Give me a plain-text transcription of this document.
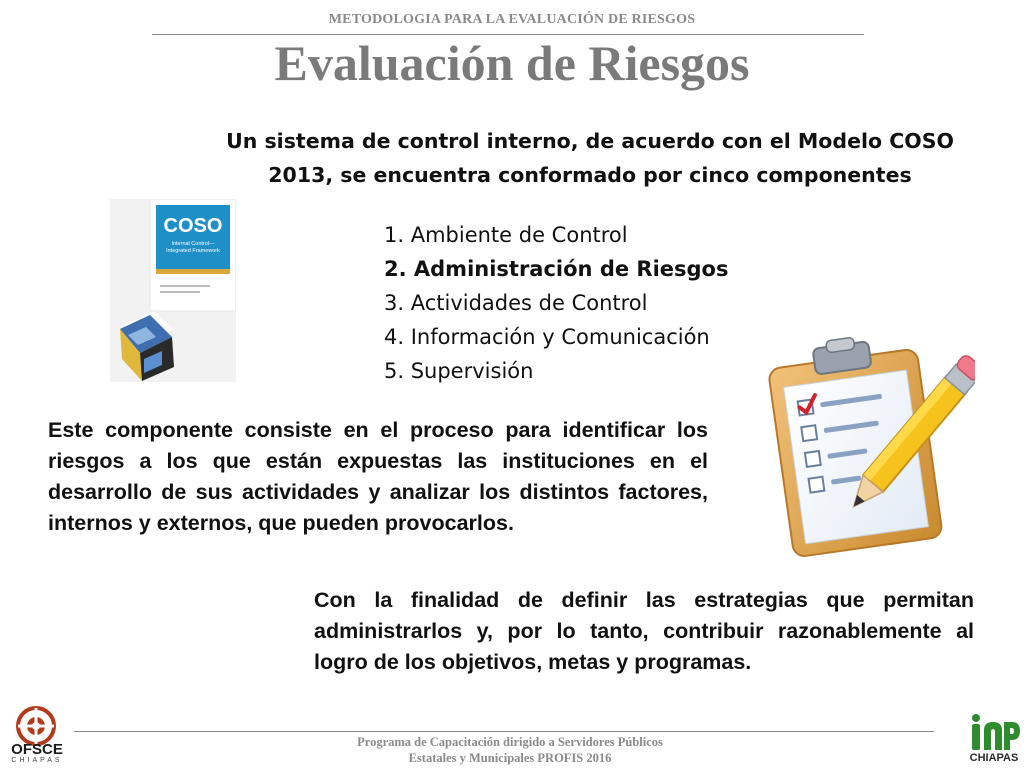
METODOLOGIA PARA LA EVALUACIÓN DE RIESGOS
Evaluación de Riesgos
Un sistema de control interno, de acuerdo con el Modelo COSO 2013, se encuentra conformado por cinco componentes
COSO
Internal Control—
Integrated Framework
1. Ambiente de Control
2. Administración de Riesgos
3. Actividades de Control
4. Información y Comunicación
5. Supervisión
Este componente consiste en el proceso para identificar los riesgos a los que están expuestas las instituciones en el desarrollo de sus actividades y analizar los distintos factores, internos y externos, que pueden provocarlos.
Con la finalidad de definir las estrategias que permitan administrarlos y, por lo tanto, contribuir razonablemente al logro de los objetivos, metas y programas.
Programa de Capacitación dirigido a Servidores Públicos
Estatales y Municipales PROFIS 2016
OFSCE
CHIAPAS	CHIAPAS
